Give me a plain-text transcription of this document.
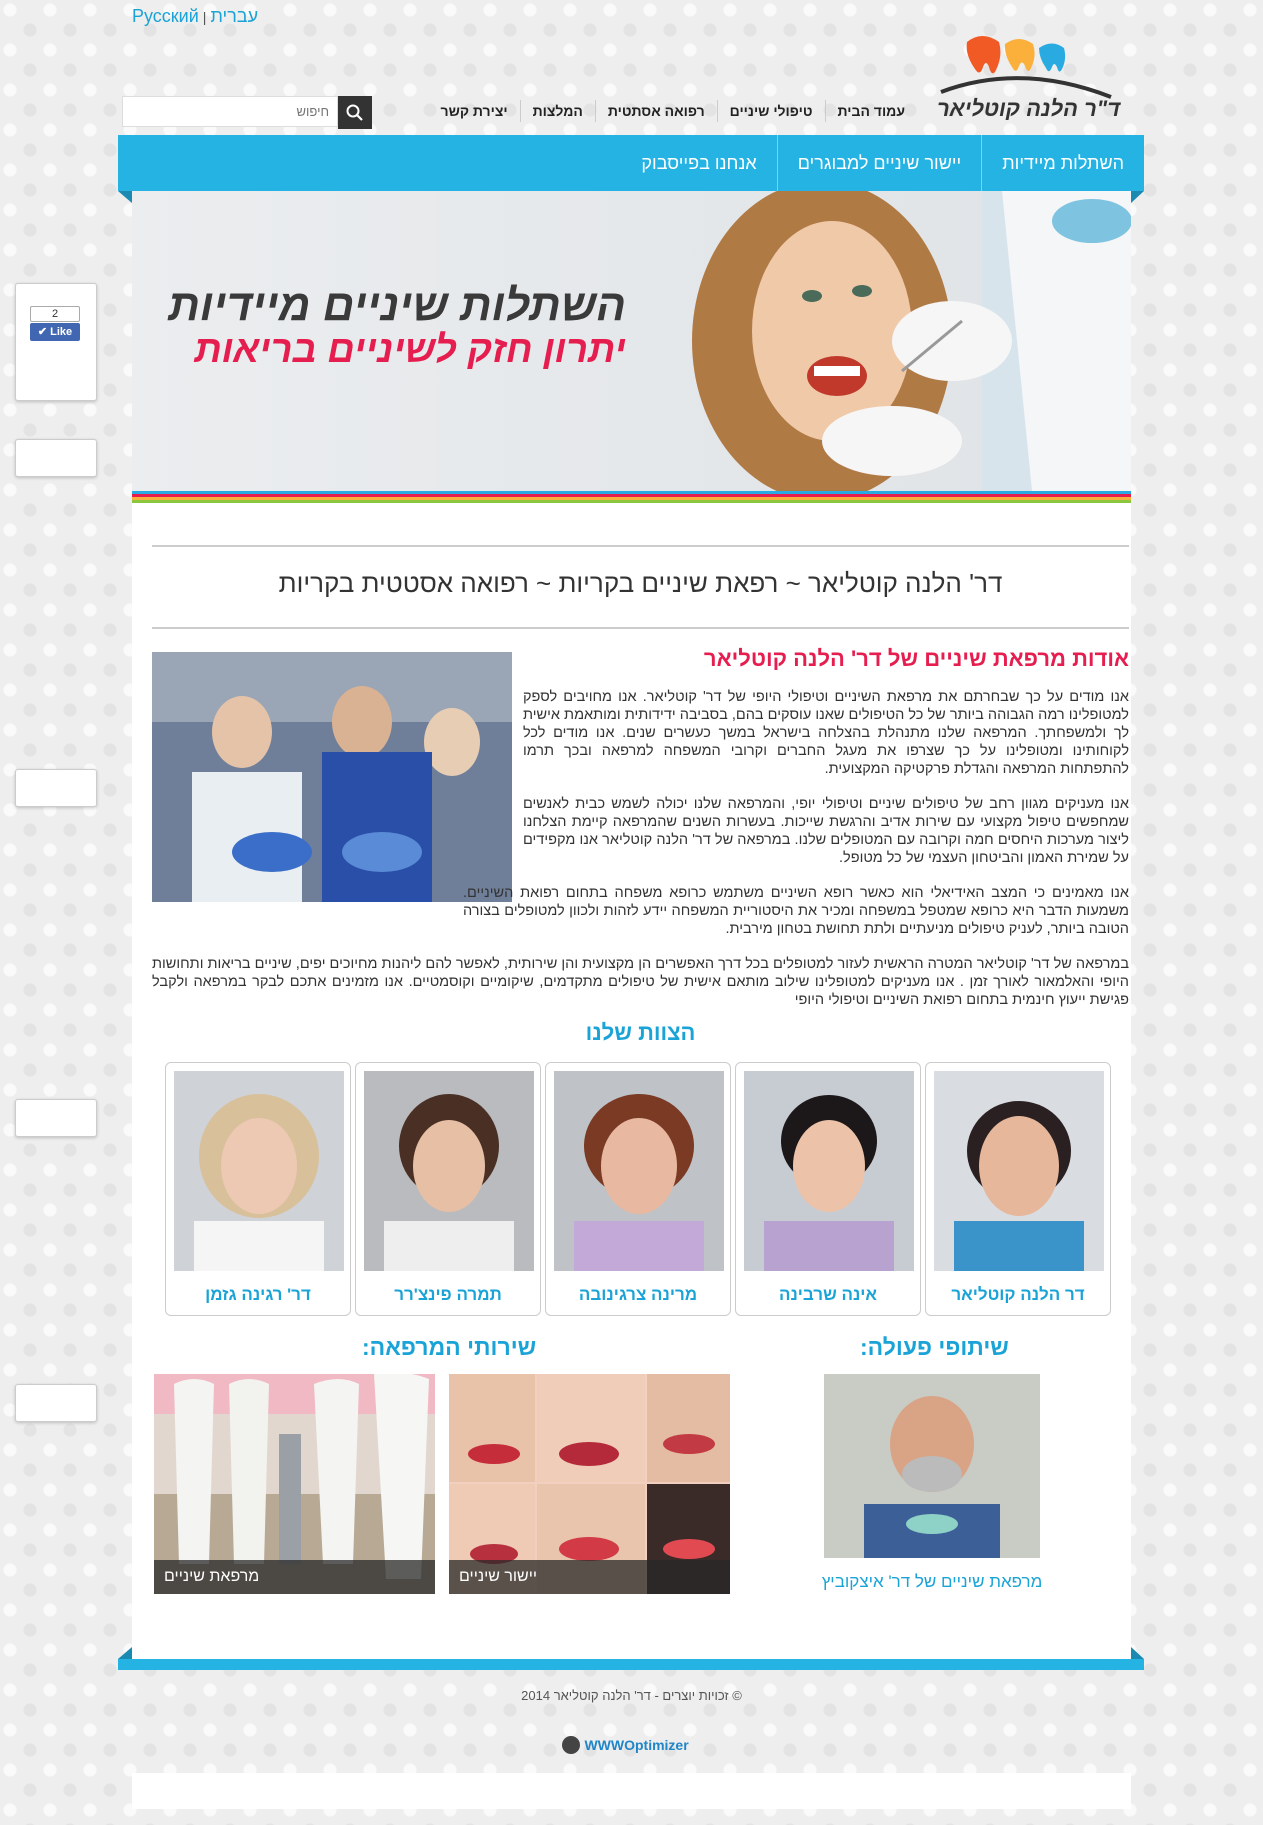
Русский | עברית
ד"ר הלנה קוטליאר
חיפוש
עמוד הבית
טיפולי שיניים
רפואה אסתטית
המלצות
יצירת קשר
השתלות מיידיות
יישור שיניים למבוגרים
אנחנו בפייסבוק
השתלות שיניים מיידיות
יתרון חזק לשיניים בריאות
דר' הלנה קוטליאר ~ רפאת שיניים בקריות ~ רפואה אסטטית בקריות
אודות מרפאת שיניים של דר' הלנה קוטליאר
אנו מודים על כך שבחרתם את מרפאת השיניים וטיפולי היופי של דר' קוטליאר. אנו מחויבים לספק למטופלינו רמה הגבוהה ביותר של כל הטיפולים שאנו עוסקים בהם, בסביבה ידידותית ומותאמת אישית לך ולמשפחתך. המרפאה שלנו מתנהלת בהצלחה בישראל במשך כעשרים שנים. אנו מודים לכל לקוחותינו ומטופלינו על כך שצרפו את מעגל החברים וקרובי המשפחה למרפאה ובכך תרמו להתפתחות המרפאה והגדלת פרקטיקה המקצועית.
אנו מעניקים מגוון רחב של טיפולים שיניים וטיפולי יופי, והמרפאה שלנו יכולה לשמש כבית לאנשים שמחפשים טיפול מקצועי עם שירות אדיב והרגשת שייכות. בעשרות השנים שהמרפאה קיימת הצלחנו ליצור מערכות היחסים חמה וקרובה עם המטופלים שלנו. במרפאה של דר' הלנה קוטליאר אנו מקפידים על שמירת האמון והביטחון העצמי של כל מטופל.
אנו מאמינים כי המצב האידיאלי הוא כאשר רופא השיניים משתמש כרופא משפחה בתחום רפואת השיניים. משמעות הדבר היא כרופא שמטפל במשפחה ומכיר את היסטוריית המשפחה יידע לזהות ולכוון למטופלים בצורה הטובה ביותר, לעניק טיפולים מניעתיים ולתת תחושת בטחון מירבית.
במרפאה של דר' קוטליאר המטרה הראשית לעזור למטופלים בכל דרך האפשרים הן מקצועית והן שירותית, לאפשר להם ליהנות מחיוכים יפים, שיניים בריאות ותחושות היופי והאלמאור לאורך זמן . אנו מעניקים למטופלינו שילוב מותאם אישית של טיפולים מתקדמים, שיקומיים וקוסמטיים. אנו מזמינים אתכם לבקר במרפאה ולקבל פגישת ייעוץ חינמית בתחום רפואת השיניים וטיפולי היופי
הצוות שלנו
דר הלנה קוטליאר
אינה שרבינה
מרינה צרגינובה
תמרה פינצ'רר
דר' רגינה גזמן
שיתופי פעולה:
מרפאת שיניים של דר' איצקוביץ
שירותי המרפאה:
יישור שיניים
מרפאת שיניים
© זכויות יוצרים - דר' הלנה קוטליאר 2014
WWWOptimizer
2
✔ Like
